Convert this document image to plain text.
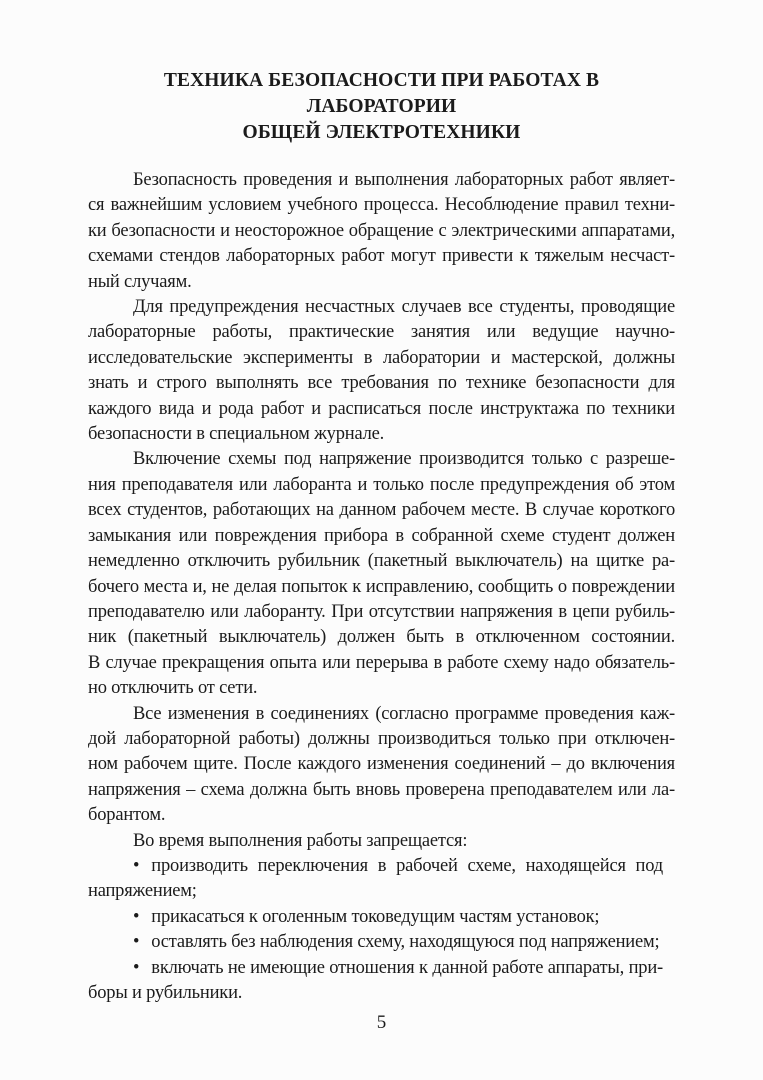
ТЕХНИКА БЕЗОПАСНОСТИ ПРИ РАБОТАХ В ЛАБОРАТОРИИ
ОБЩЕЙ ЭЛЕКТРОТЕХНИКИ
Безопасность проведения и выполнения лабораторных работ являет-
ся важнейшим условием учебного процесса. Несоблюдение правил техни-
ки безопасности и неосторожное обращение с электрическими аппаратами,
схемами стендов лабораторных работ могут привести к тяжелым несчаст-
ный случаям.
Для предупреждения несчастных случаев все студенты, проводящие
лабораторные работы, практические занятия или ведущие научно-
исследовательские эксперименты в лаборатории и мастерской, должны
знать и строго выполнять все требования по технике безопасности для
каждого вида и рода работ и расписаться после инструктажа по техники
безопасности в специальном журнале.
Включение схемы под напряжение производится только с разреше-
ния преподавателя или лаборанта и только после предупреждения об этом
всех студентов, работающих на данном рабочем месте. В случае короткого
замыкания или повреждения прибора в собранной схеме студент должен
немедленно отключить рубильник (пакетный выключатель) на щитке ра-
бочего места и, не делая попыток к исправлению, сообщить о повреждении
преподавателю или лаборанту. При отсутствии напряжения в цепи рубиль-
ник (пакетный выключатель) должен быть в отключенном состоянии.
В случае прекращения опыта или перерыва в работе схему надо обязатель-
но отключить от сети.
Все изменения в соединениях (согласно программе проведения каж-
дой лабораторной работы) должны производиться только при отключен-
ном рабочем щите. После каждого изменения соединений – до включения
напряжения – схема должна быть вновь проверена преподавателем или ла-
борантом.
Во время выполнения работы запрещается:
• производить переключения в рабочей схеме, находящейся под
напряжением;
• прикасаться к оголенным токоведущим частям установок;
• оставлять без наблюдения схему, находящуюся под напряжением;
• включать не имеющие отношения к данной работе аппараты, при-
боры и рубильники.
5
